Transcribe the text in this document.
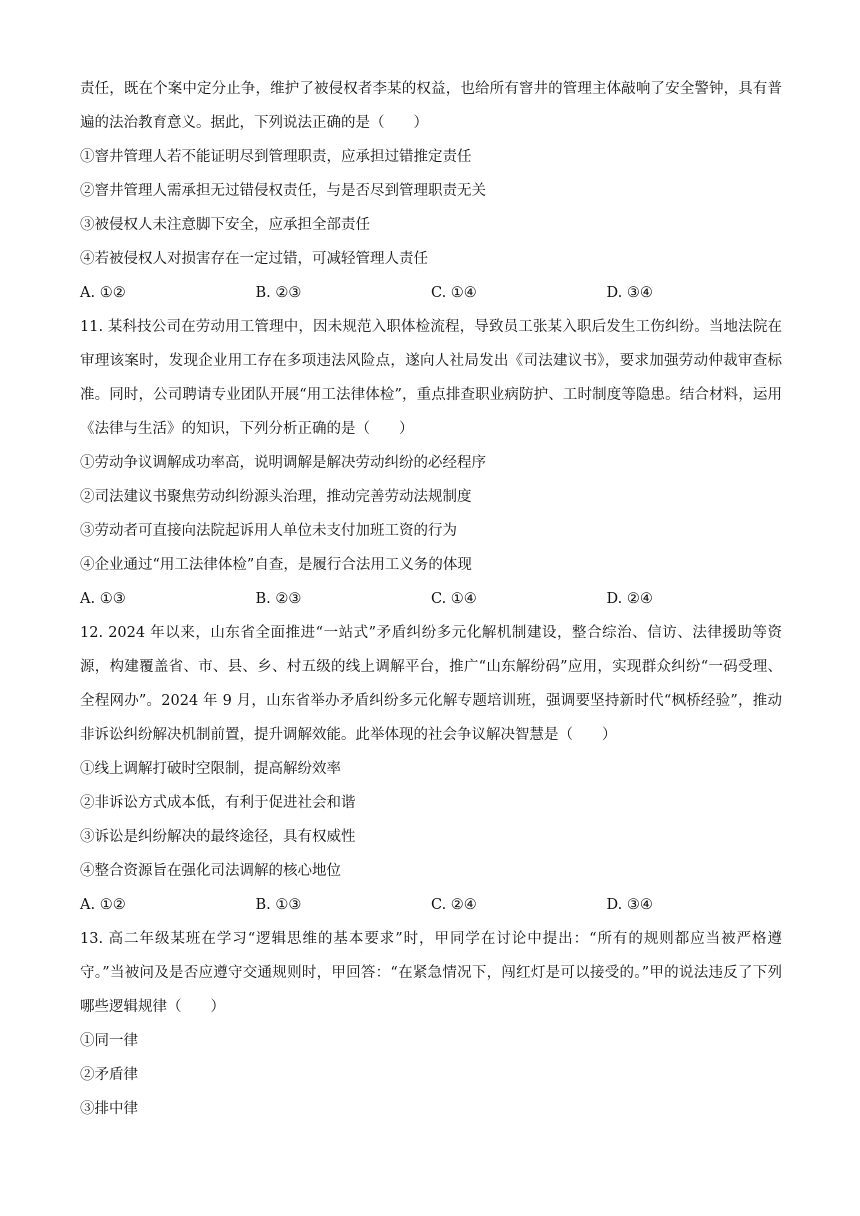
责任，既在个案中定分止争，维护了被侵权者李某的权益，也给所有窨井的管理主体敲响了安全警钟，具有普遍的法治教育意义。据此，下列说法正确的是（　　）

①窨井管理人若不能证明尽到管理职责，应承担过错推定责任

②窨井管理人需承担无过错侵权责任，与是否尽到管理职责无关

③被侵权人未注意脚下安全，应承担全部责任

④若被侵权人对损害存在一定过错，可减轻管理人责任

A. ①②	B. ②③	C. ①④	D. ③④

11. 某科技公司在劳动用工管理中，因未规范入职体检流程，导致员工张某入职后发生工伤纠纷。当地法院在审理该案时，发现企业用工存在多项违法风险点，遂向人社局发出《司法建议书》，要求加强劳动仲裁审查标准。同时，公司聘请专业团队开展“用工法律体检”，重点排查职业病防护、工时制度等隐患。结合材料，运用《法律与生活》的知识，下列分析正确的是（　　）

①劳动争议调解成功率高，说明调解是解决劳动纠纷的必经程序

②司法建议书聚焦劳动纠纷源头治理，推动完善劳动法规制度

③劳动者可直接向法院起诉用人单位未支付加班工资的行为

④企业通过“用工法律体检”自查，是履行合法用工义务的体现

A. ①③	B. ②③	C. ①④	D. ②④

12. 2024 年以来，山东省全面推进“一站式”矛盾纠纷多元化解机制建设，整合综治、信访、法律援助等资源，构建覆盖省、市、县、乡、村五级的线上调解平台，推广“山东解纷码”应用，实现群众纠纷“一码受理、全程网办”。2024 年 9 月，山东省举办矛盾纠纷多元化解专题培训班，强调要坚持新时代“枫桥经验”，推动非诉讼纠纷解决机制前置，提升调解效能。此举体现的社会争议解决智慧是（　　）

①线上调解打破时空限制，提高解纷效率

②非诉讼方式成本低，有利于促进社会和谐

③诉讼是纠纷解决的最终途径，具有权威性

④整合资源旨在强化司法调解的核心地位

A. ①②	B. ①③	C. ②④	D. ③④

13. 高二年级某班在学习“逻辑思维的基本要求”时，甲同学在讨论中提出：“所有的规则都应当被严格遵守。”当被问及是否应遵守交通规则时，甲回答：“在紧急情况下，闯红灯是可以接受的。”甲的说法违反了下列哪些逻辑规律（　　）

①同一律

②矛盾律

③排中律
